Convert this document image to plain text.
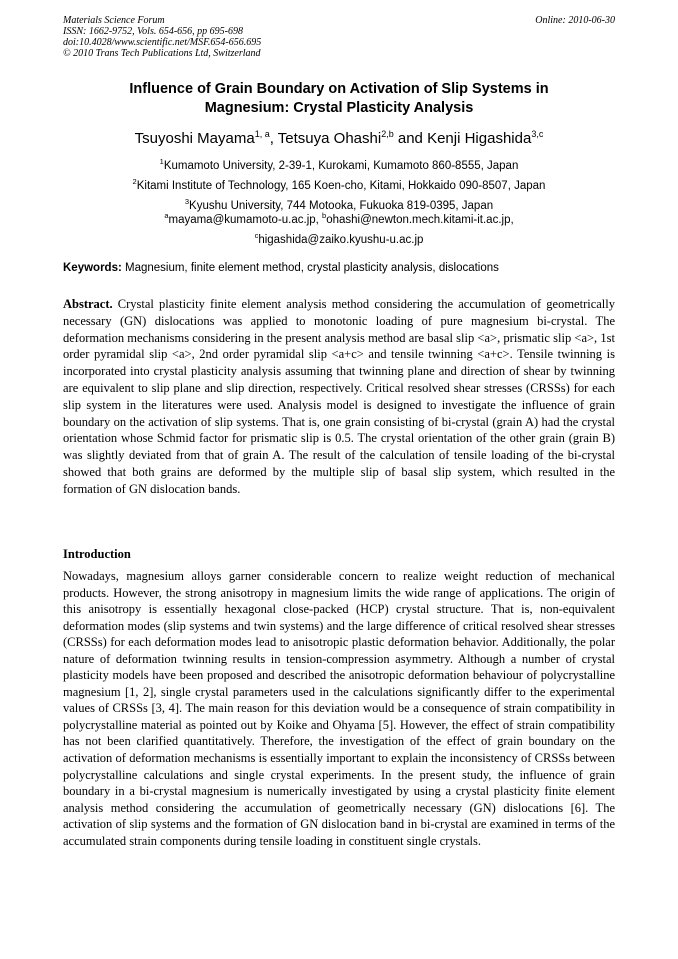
Materials Science Forum
ISSN: 1662-9752, Vols. 654-656, pp 695-698
doi:10.4028/www.scientific.net/MSF.654-656.695
© 2010 Trans Tech Publications Ltd, Switzerland
Online: 2010-06-30
Influence of Grain Boundary on Activation of Slip Systems in
Magnesium: Crystal Plasticity Analysis
Tsuyoshi Mayama$^{1, a}$, Tetsuya Ohashi$^{2,b}$ and Kenji Higashida$^{3,c}$
$^1$Kumamoto University, 2-39-1, Kurokami, Kumamoto 860-8555, Japan
$^2$Kitami Institute of Technology, 165 Koen-cho, Kitami, Hokkaido 090-8507, Japan
$^3$Kyushu University, 744 Motooka, Fukuoka 819-0395, Japan
$^a$mayama@kumamoto-u.ac.jp, $^b$ohashi@newton.mech.kitami-it.ac.jp,
$^c$higashida@zaiko.kyushu-u.ac.jp
Keywords: Magnesium, finite element method, crystal plasticity analysis, dislocations
Abstract. Crystal plasticity finite element analysis method considering the accumulation of geometrically necessary (GN) dislocations was applied to monotonic loading of pure magnesium bi-crystal. The deformation mechanisms considering in the present analysis method are basal slip <a>, prismatic slip <a>, 1st order pyramidal slip <a>, 2nd order pyramidal slip <a+c> and tensile twinning <a+c>. Tensile twinning is incorporated into crystal plasticity analysis assuming that twinning plane and direction of shear by twinning are equivalent to slip plane and slip direction, respectively. Critical resolved shear stresses (CRSSs) for each slip system in the literatures were used. Analysis model is designed to investigate the influence of grain boundary on the activation of slip systems. That is, one grain consisting of bi-crystal (grain A) had the crystal orientation whose Schmid factor for prismatic slip is 0.5. The crystal orientation of the other grain (grain B) was slightly deviated from that of grain A. The result of the calculation of tensile loading of the bi-crystal showed that both grains are deformed by the multiple slip of basal slip system, which resulted in the formation of GN dislocation bands.
Introduction
Nowadays, magnesium alloys garner considerable concern to realize weight reduction of mechanical products. However, the strong anisotropy in magnesium limits the wide range of applications. The origin of this anisotropy is essentially hexagonal close-packed (HCP) crystal structure. That is, non-equivalent deformation modes (slip systems and twin systems) and the large difference of critical resolved shear stresses (CRSSs) for each deformation modes lead to anisotropic plastic deformation behavior. Additionally, the polar nature of deformation twinning results in tension-compression asymmetry. Although a number of crystal plasticity models have been proposed and described the anisotropic deformation behaviour of polycrystalline magnesium [1, 2], single crystal parameters used in the calculations significantly differ to the experimental values of CRSSs [3, 4]. The main reason for this deviation would be a consequence of strain compatibility in polycrystalline material as pointed out by Koike and Ohyama [5]. However, the effect of strain compatibility has not been clarified quantitatively. Therefore, the investigation of the effect of grain boundary on the activation of deformation mechanisms is essentially important to explain the inconsistency of CRSSs between polycrystalline calculations and single crystal experiments. In the present study, the influence of grain boundary in a bi-crystal magnesium is numerically investigated by using a crystal plasticity finite element analysis method considering the accumulation of geometrically necessary (GN) dislocations [6]. The activation of slip systems and the formation of GN dislocation band in bi-crystal are examined in terms of the accumulated strain components during tensile loading in constituent single crystals.
